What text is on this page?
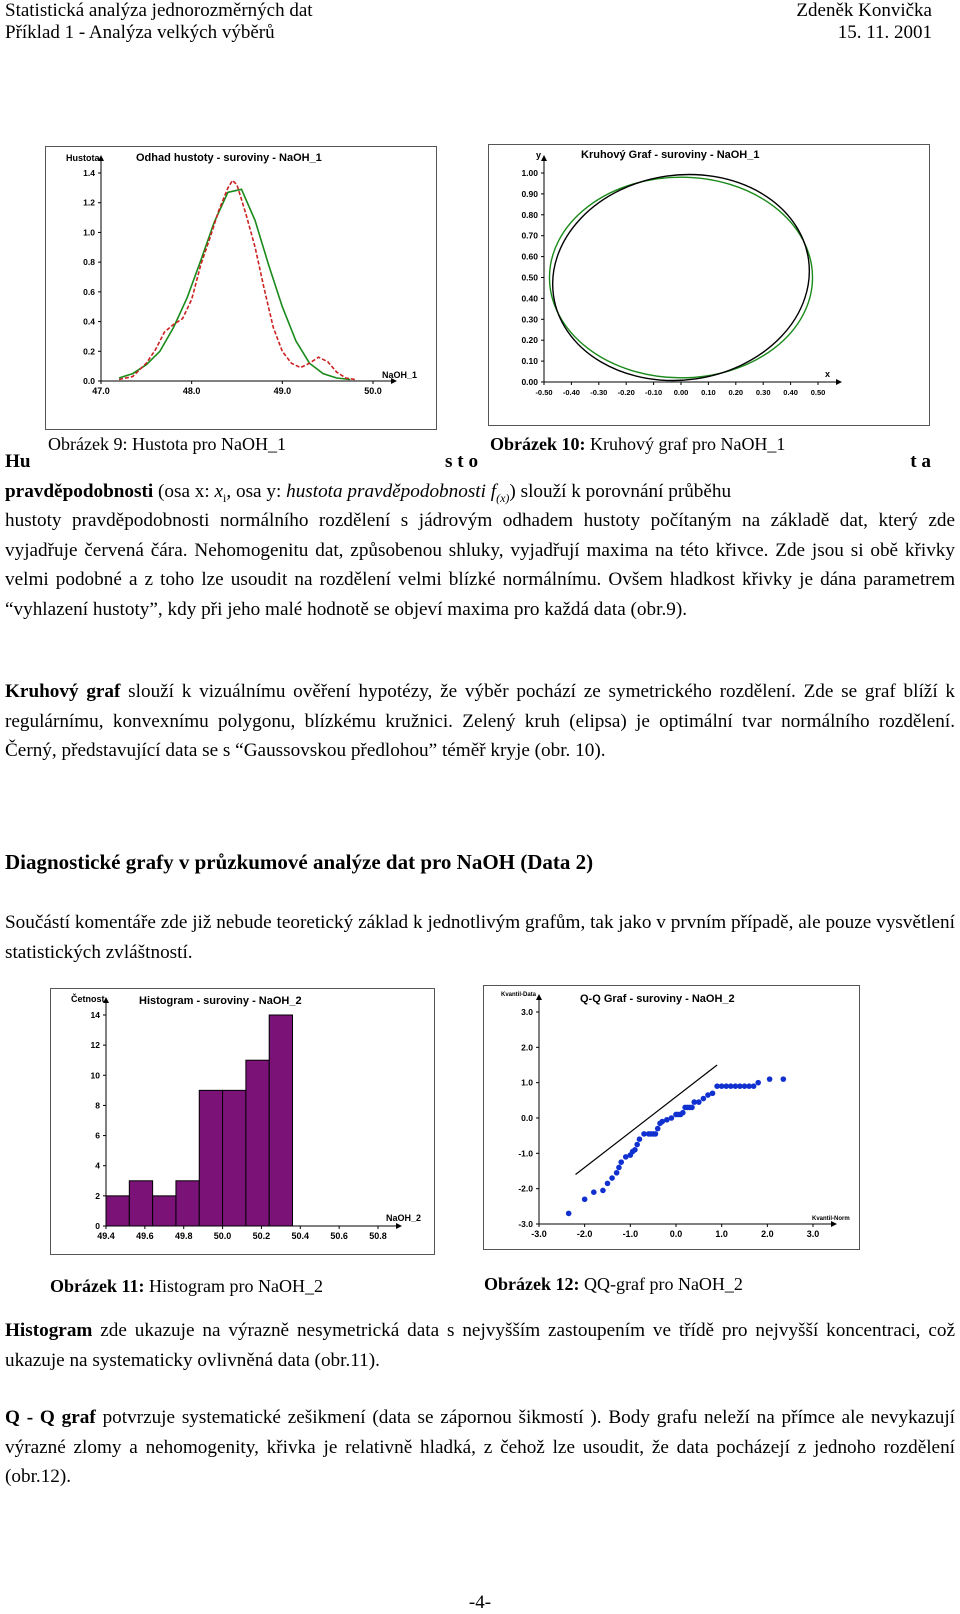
Statistická analýza jednorozměrných dat
Příklad 1 - Analýza velkých výběrů
Zdeněk Konvička
15. 11. 2001
Hustota	Odhad hustoty - suroviny - NaOH_1
NaOH_1
0.0
0.2
0.4
0.6
0.8
1.0
1.2
1.4
47.0	48.0	49.0	50.0
Obrázek 9: Hustota pro NaOH_1
y	Kruhový Graf - suroviny - NaOH_1
x
0.00
0.10
0.20
0.30
0.40
0.50
0.60
0.70
0.80
0.90
1.00
-0.50 -0.40 -0.30 -0.20 -0.10 0.00 0.10 0.20 0.30 0.40 0.50
Obrázek 10: Kruhový graf pro NaOH_1
Hu	s t o	t a
pravděpodobnosti (osa x: $x_i$, osa y: hustota pravděpodobnosti $f_{(x)}$) slouží k porovnání průběhu
hustoty pravděpodobnosti normálního rozdělení s jádrovým odhadem hustoty počítaným na základě dat, který zde vyjadřuje červená čára. Nehomogenitu dat, způsobenou shluky, vyjadřují maxima na této křivce. Zde jsou si obě křivky velmi podobné a z toho lze usoudit na rozdělení velmi blízké normálnímu. Ovšem hladkost křivky je dána parametrem “vyhlazení hustoty”, kdy při jeho malé hodnotě se objeví maxima pro každá data (obr.9).
Kruhový graf slouží k vizuálnímu ověření hypotézy, že výběr pochází ze symetrického rozdělení. Zde se graf blíží k regulárnímu, konvexnímu polygonu, blízkému kružnici. Zelený kruh (elipsa) je optimální tvar normálního rozdělení. Černý, představující data se s “Gaussovskou předlohou” téměř kryje (obr. 10).
Diagnostické grafy v průzkumové analýze dat pro NaOH (Data 2)
Součástí komentáře zde již nebude teoretický základ k jednotlivým grafům, tak jako v prvním případě, ale pouze vysvětlení statistických zvláštností.
Četnost	Histogram - suroviny - NaOH_2
NaOH_2
0
2
4
6
8
10
12
14
49.4 49.6 49.8 50.0 50.2 50.4 50.6 50.8
Obrázek 11: Histogram pro NaOH_2
Kvantil-Data	Q-Q Graf - suroviny - NaOH_2
Kvantil-Norm
3.0
2.0
1.0
0.0
-1.0
-2.0
-3.0
-3.0	-2.0	-1.0	0.0	1.0	2.0	3.0
Obrázek 12: QQ-graf pro NaOH_2
Histogram zde ukazuje na výrazně nesymetrická data s nejvyšším zastoupením ve třídě pro nejvyšší koncentraci, což ukazuje na systematicky ovlivněná data (obr.11).
Q - Q graf potvrzuje systematické zešikmení (data se zápornou šikmostí ). Body grafu neleží na přímce ale nevykazují výrazné zlomy a nehomogenity, křivka je relativně hladká, z čehož lze usoudit, že data pocházejí z jednoho rozdělení (obr.12).
-4-
